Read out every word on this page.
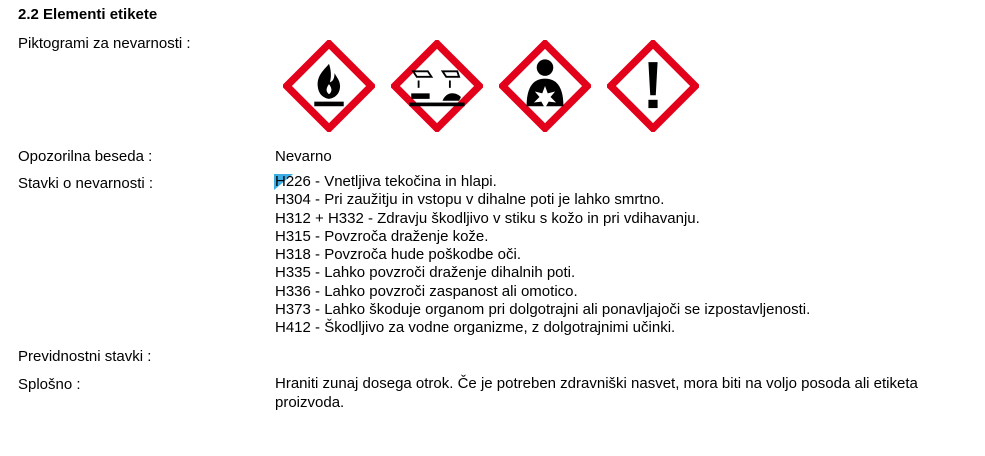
2.2 Elementi etikete
Piktogrami za nevarnosti :
Opozorilna beseda :	Nevarno
Stavki o nevarnosti :	H226 - Vnetljiva tekočina in hlapi.
H304 - Pri zaužitju in vstopu v dihalne poti je lahko smrtno.
H312 + H332 - Zdravju škodljivo v stiku s kožo in pri vdihavanju.
H315 - Povzroča draženje kože.
H318 - Povzroča hude poškodbe oči.
H335 - Lahko povzroči draženje dihalnih poti.
H336 - Lahko povzroči zaspanost ali omotico.
H373 - Lahko škoduje organom pri dolgotrajni ali ponavljajoči se izpostavljenosti.
H412 - Škodljivo za vodne organizme, z dolgotrajnimi učinki.
Previdnostni stavki :
Splošno :	Hraniti zunaj dosega otrok. Če je potreben zdravniški nasvet, mora biti na voljo posoda ali etiketa proizvoda.
